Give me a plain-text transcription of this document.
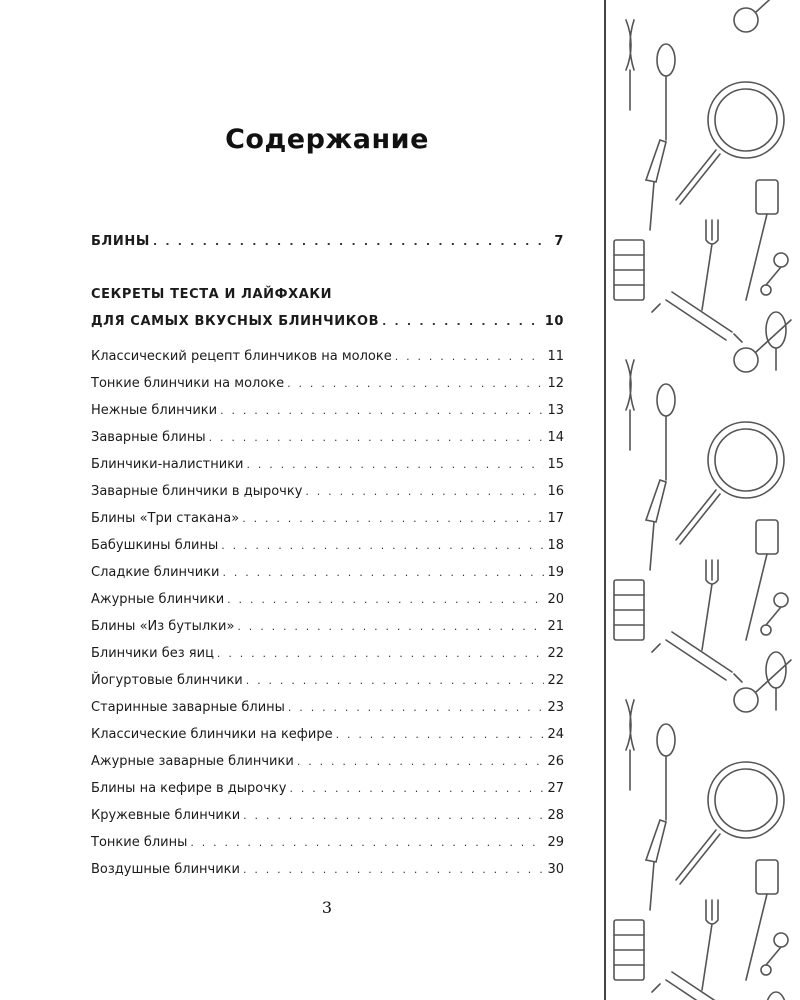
Содержание
БЛИНЫ . . .	7
СЕКРЕТЫ ТЕСТА И ЛАЙФХАКИ
ДЛЯ САМЫХ ВКУСНЫХ БЛИНЧИКОВ . . .	10
Классический рецепт блинчиков на молоке . . .	11
Тонкие блинчики на молоке . . .	12
Нежные блинчики . . .	13
Заварные блины . . .	14
Блинчики-налистники . . .	15
Заварные блинчики в дырочку . . .	16
Блины «Три стакана» . . .	17
Бабушкины блины . . .	18
Сладкие блинчики . . .	19
Ажурные блинчики . . .	20
Блины «Из бутылки» . . .	21
Блинчики без яиц . . .	22
Йогуртовые блинчики . . .	22
Старинные заварные блины . . .	23
Классические блинчики на кефире . . .	24
Ажурные заварные блинчики . . .	26
Блины на кефире в дырочку . . .	27
Кружевные блинчики . . .	28
Тонкие блины . . .	29
Воздушные блинчики . . .	30
3
